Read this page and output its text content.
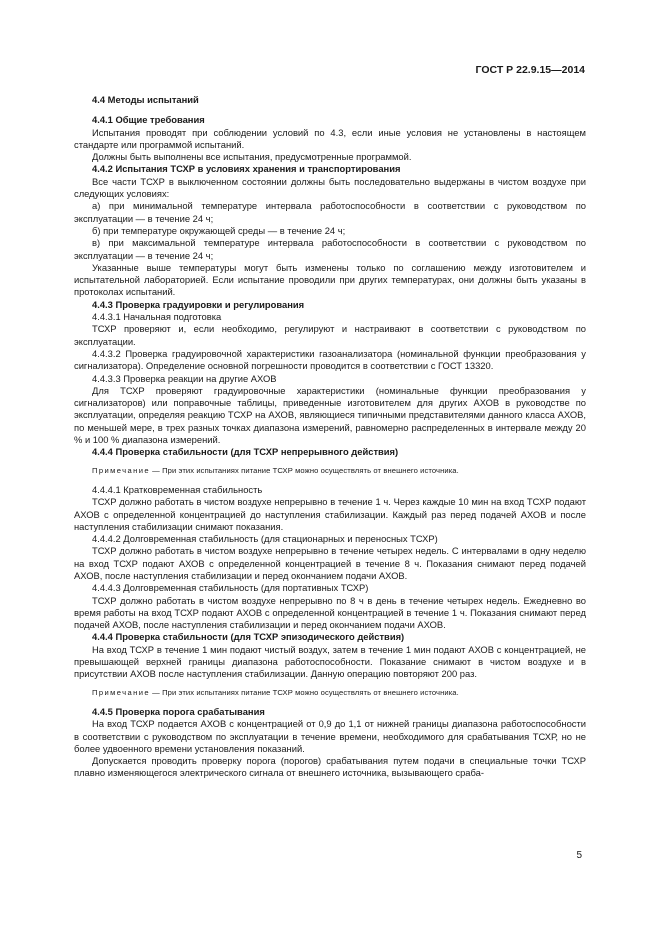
ГОСТ Р 22.9.15—2014
4.4 Методы испытаний
4.4.1 Общие требования
Испытания проводят при соблюдении условий по 4.3, если иные условия не установлены в настоящем стандарте или программой испытаний.
Должны быть выполнены все испытания, предусмотренные программой.
4.4.2 Испытания ТСХР в условиях хранения и транспортирования
Все части ТСХР в выключенном состоянии должны быть последовательно выдержаны в чистом воздухе при следующих условиях:
а) при минимальной температуре интервала работоспособности в соответствии с руководством по эксплуатации — в течение 24 ч;
б) при температуре окружающей среды — в течение 24 ч;
в) при максимальной температуре интервала работоспособности в соответствии с руководством по эксплуатации — в течение 24 ч;
Указанные выше температуры могут быть изменены только по соглашению между изготовителем и испытательной лабораторией. Если испытание проводили при других температурах, они должны быть указаны в протоколах испытаний.
4.4.3 Проверка градуировки и регулирования
4.4.3.1 Начальная подготовка
ТСХР проверяют и, если необходимо, регулируют и настраивают в соответствии с руководством по эксплуатации.
4.4.3.2 Проверка градуировочной характеристики газоанализатора (номинальной функции преобразования у сигнализатора). Определение основной погрешности проводится в соответствии с ГОСТ 13320.
4.4.3.3 Проверка реакции на другие АХОВ
Для ТСХР проверяют градуировочные характеристики (номинальные функции преобразования у сигнализаторов) или поправочные таблицы, приведенные изготовителем для других АХОВ в руководстве по эксплуатации, определяя реакцию ТСХР на АХОВ, являющиеся типичными представителями данного класса АХОВ, по меньшей мере, в трех разных точках диапазона измерений, равномерно распределенных в интервале между 20 % и 100 % диапазона измерений.
4.4.4 Проверка стабильности (для ТСХР непрерывного действия)
Примечание — При этих испытаниях питание ТСХР можно осуществлять от внешнего источника.
4.4.4.1 Кратковременная стабильность
ТСХР должно работать в чистом воздухе непрерывно в течение 1 ч. Через каждые 10 мин на вход ТСХР подают АХОВ с определенной концентрацией до наступления стабилизации. Каждый раз перед подачей АХОВ и после наступления стабилизации снимают показания.
4.4.4.2 Долговременная стабильность (для стационарных и переносных ТСХР)
ТСХР должно работать в чистом воздухе непрерывно в течение четырех недель. С интервалами в одну неделю на вход ТСХР подают АХОВ с определенной концентрацией в течение 8 ч. Показания снимают перед подачей АХОВ, после наступления стабилизации и перед окончанием подачи АХОВ.
4.4.4.3 Долговременная стабильность (для портативных ТСХР)
ТСХР должно работать в чистом воздухе непрерывно по 8 ч в день в течение четырех недель. Ежедневно во время работы на вход ТСХР подают АХОВ с определенной концентрацией в течение 1 ч. Показания снимают перед подачей АХОВ, после наступления стабилизации и перед окончанием подачи АХОВ.
4.4.4 Проверка стабильности (для ТСХР эпизодического действия)
На вход ТСХР в течение 1 мин подают чистый воздух, затем в течение 1 мин подают АХОВ с концентрацией, не превышающей верхней границы диапазона работоспособности. Показание снимают в чистом воздухе и в присутствии АХОВ после наступления стабилизации. Данную операцию повторяют 200 раз.
Примечание — При этих испытаниях питание ТСХР можно осуществлять от внешнего источника.
4.4.5 Проверка порога срабатывания
На вход ТСХР подается АХОВ с концентрацией от 0,9 до 1,1 от нижней границы диапазона работоспособности в соответствии с руководством по эксплуатации в течение времени, необходимого для срабатывания ТСХР, но не более удвоенного времени установления показаний.
Допускается проводить проверку порога (порогов) срабатывания путем подачи в специальные точки ТСХР плавно изменяющегося электрического сигнала от внешнего источника, вызывающего сраба-
5
